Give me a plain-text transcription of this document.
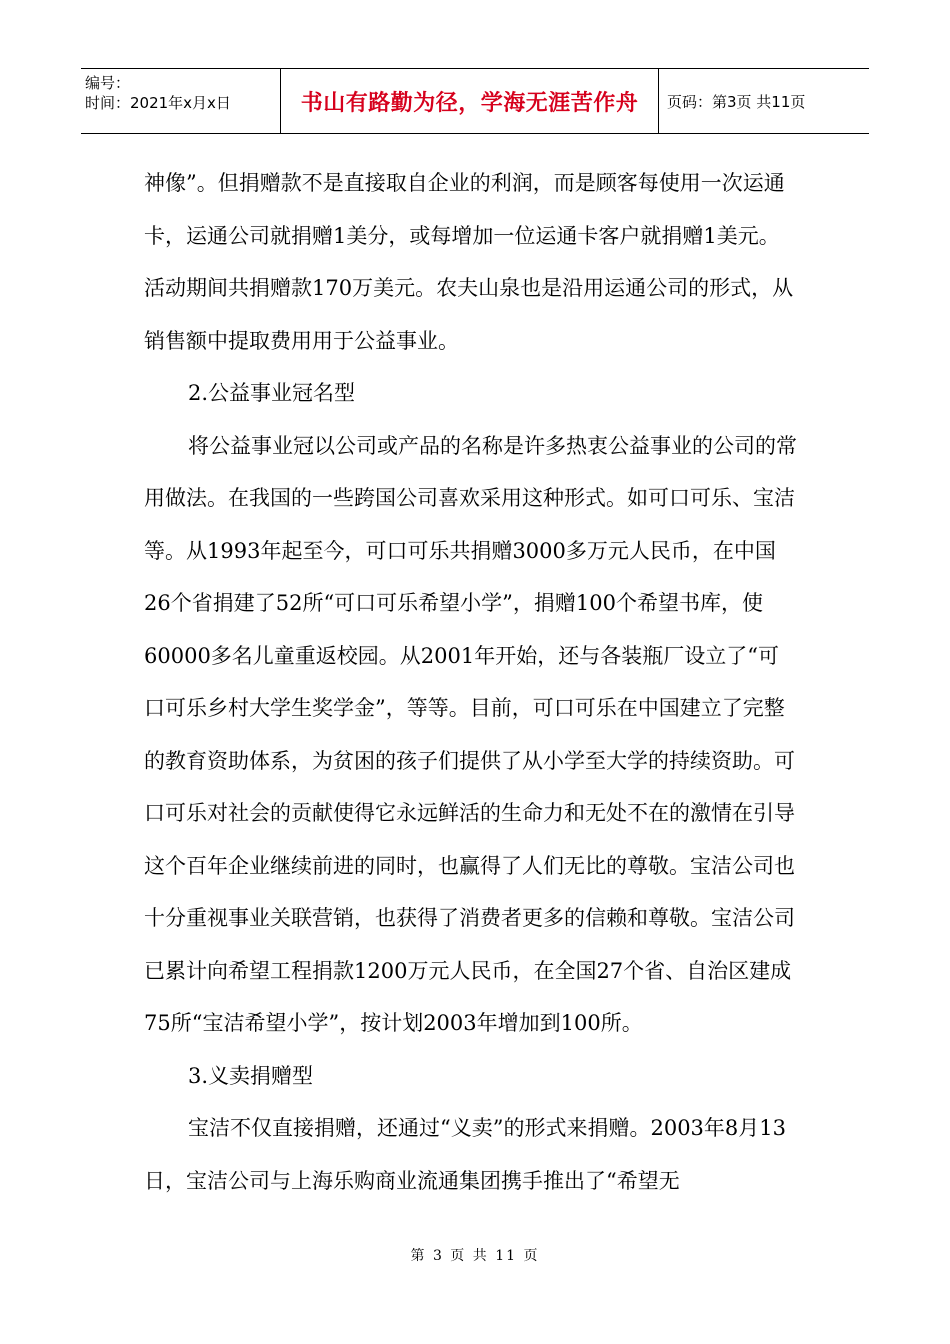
编号：
时间：2021年x月x日	书山有路勤为径，学海无涯苦作舟	页码：第3页 共11页

神像”。但捐赠款不是直接取自企业的利润，而是顾客每使用一次运通卡，运通公司就捐赠1美分，或每增加一位运通卡客户就捐赠1美元。活动期间共捐赠款170万美元。农夫山泉也是沿用运通公司的形式，从销售额中提取费用用于公益事业。

2.公益事业冠名型

将公益事业冠以公司或产品的名称是许多热衷公益事业的公司的常用做法。在我国的一些跨国公司喜欢采用这种形式。如可口可乐、宝洁等。从1993年起至今，可口可乐共捐赠3000多万元人民币，在中国26个省捐建了52所“可口可乐希望小学”，捐赠100个希望书库，使60000多名儿童重返校园。从2001年开始，还与各装瓶厂设立了“可口可乐乡村大学生奖学金”，等等。目前，可口可乐在中国建立了完整的教育资助体系，为贫困的孩子们提供了从小学至大学的持续资助。可口可乐对社会的贡献使得它永远鲜活的生命力和无处不在的激情在引导这个百年企业继续前进的同时，也赢得了人们无比的尊敬。宝洁公司也十分重视事业关联营销，也获得了消费者更多的信赖和尊敬。宝洁公司已累计向希望工程捐款1200万元人民币，在全国27个省、自治区建成75所“宝洁希望小学”，按计划2003年增加到100所。

3.义卖捐赠型

宝洁不仅直接捐赠，还通过“义卖”的形式来捐赠。2003年8月13日，宝洁公司与上海乐购商业流通集团携手推出了“希望无

第 3 页 共 11 页
